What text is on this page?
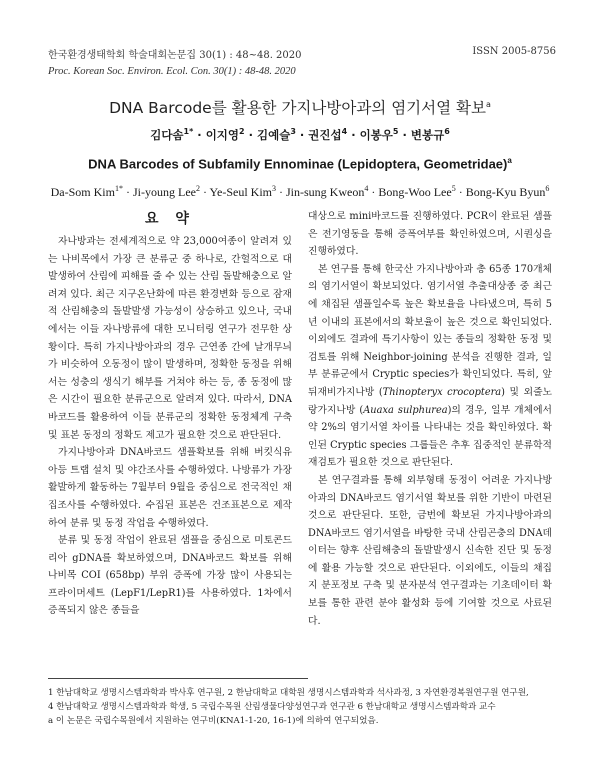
한국환경생태학회 학술대회논문집 30(1) : 48~48. 2020
Proc. Korean Soc. Environ. Ecol. Con. 30(1) : 48-48. 2020
ISSN 2005-8756
DNA Barcode를 활용한 가지나방아과의 염기서열 확보$^a$
김다솜$^{1*}$ · 이지영$^2$ · 김예슬$^3$ · 권진섭$^4$ · 이봉우$^5$ · 변봉규$^6$
DNA Barcodes of Subfamily Ennominae (Lepidoptera, Geometridae)$^a$
Da-Som Kim$^{1*}$ · Ji-young Lee$^2$ · Ye-Seul Kim$^3$ · Jin-sung Kweon$^4$ · Bong-Woo Lee$^5$ · Bong-Kyu Byun$^6$
요 약

자나방과는 전세계적으로 약 23,000여종이 알려져 있는 나비목에서 가장 큰 분류군 중 하나로, 간헐적으로 대발생하여 산림에 피해를 줄 수 있는 산림 돌발해충으로 알려져 있다. 최근 지구온난화에 따른 환경변화 등으로 잠재적 산림해충의 돌발발생 가능성이 상승하고 있으나, 국내에서는 이들 자나방류에 대한 모니터링 연구가 전무한 상황이다. 특히 가지나방아과의 경우 근연종 간에 날개무늬가 비슷하여 오동정이 많이 발생하며, 정확한 동정을 위해서는 성충의 생식기 해부를 거쳐야 하는 등, 종 동정에 많은 시간이 필요한 분류군으로 알려져 있다. 따라서, DNA바코드를 활용하여 이들 분류군의 정확한 동정체계 구축 및 표본 동정의 정확도 제고가 필요한 것으로 판단된다.

가지나방아과 DNA바코드 샘플확보를 위해 버킷식유아등 트랩 설치 및 야간조사를 수행하였다. 나방류가 가장 활발하게 활동하는 7월부터 9월을 중심으로 전국적인 채집조사를 수행하였다. 수집된 표본은 건조표본으로 제작하여 분류 및 동정 작업을 수행하였다.

분류 및 동정 작업이 완료된 샘플을 중심으로 미토콘드리아 gDNA를 확보하였으며, DNA바코드 확보를 위해 나비목 COI (658bp) 부위 증폭에 가장 많이 사용되는 프라이머세트 (LepF1/LepR1)를 사용하였다. 1차에서 증폭되지 않은 종들을

대상으로 mini바코드를 진행하였다. PCR이 완료된 샘플은 전기영동을 통해 증폭여부를 확인하였으며, 시퀀싱을 진행하였다.

본 연구를 통해 한국산 가지나방아과 총 65종 170개체의 염기서열이 확보되었다. 염기서열 추출대상종 중 최근에 채집된 샘플일수록 높은 확보율을 나타냈으며, 특히 5년 이내의 표본에서의 확보율이 높은 것으로 확인되었다. 이외에도 결과에 특기사항이 있는 종들의 정확한 동정 및 검토를 위해 Neighbor-joining 분석을 진행한 결과, 일부 분류군에서 Cryptic species가 확인되었다. 특히, 앞뒤재비가지나방 (Thinopteryx crocoptera) 및 외줄노랑가지나방 (Auaxa sulphurea)의 경우, 일부 개체에서 약 2%의 염기서열 차이를 나타내는 것을 확인하였다. 확인된 Cryptic species 그룹들은 추후 집중적인 분류학적 재검토가 필요한 것으로 판단된다.

본 연구결과를 통해 외부형태 동정이 어려운 가지나방아과의 DNA바코드 염기서열 확보를 위한 기반이 마련된 것으로 판단된다. 또한, 금번에 확보된 가지나방아과의 DNA바코드 염기서열을 바탕한 국내 산림곤충의 DNA데이터는 향후 산림해충의 돌발발생시 신속한 진단 및 동정에 활용 가능할 것으로 판단된다. 이외에도, 이들의 채집지 분포정보 구축 및 분자분석 연구결과는 기초데이터 확보를 통한 관련 분야 활성화 등에 기여할 것으로 사료된다.

1 한남대학교 생명시스템과학과 박사후 연구원, 2 한남대학교 대학원 생명시스템과학과 석사과정, 3 자연환경복원연구원 연구원,
4 한남대학교 생명시스템과학과 학생, 5 국립수목원 산림생물다양성연구과 연구관 6 한남대학교 생명시스템과학과 교수
a 이 논문은 국립수목원에서 지원하는 연구비(KNA1-1-20, 16-1)에 의하여 연구되었음.
